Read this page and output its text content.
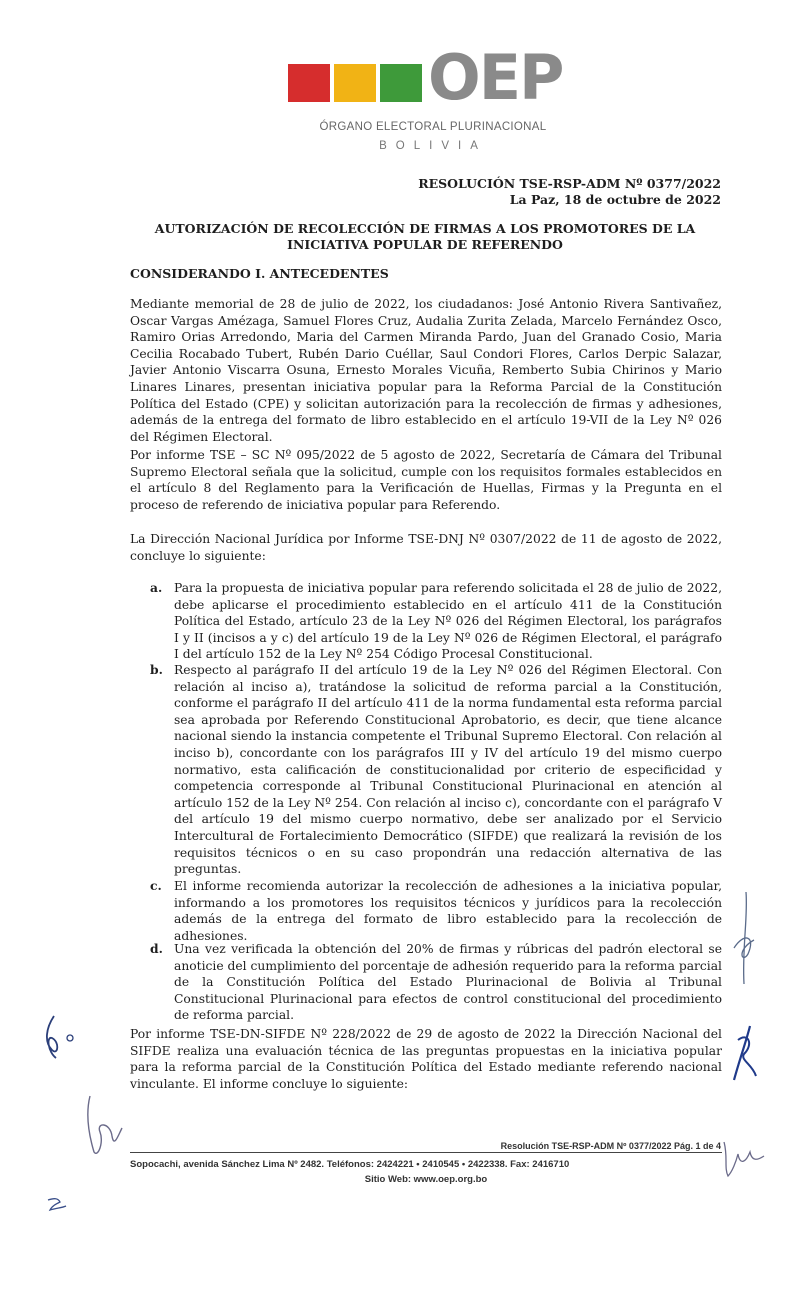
OEP
ÓRGANO ELECTORAL PLURINACIONAL
BOLIVIA
RESOLUCIÓN TSE-RSP-ADM Nº 0377/2022
La Paz, 18 de octubre de 2022
AUTORIZACIÓN DE RECOLECCIÓN DE FIRMAS A LOS PROMOTORES DE LA INICIATIVA POPULAR DE REFERENDO
CONSIDERANDO I. ANTECEDENTES
Mediante memorial de 28 de julio de 2022, los ciudadanos: José Antonio Rivera Santivañez, Oscar Vargas Amézaga, Samuel Flores Cruz, Audalia Zurita Zelada, Marcelo Fernández Osco, Ramiro Orias Arredondo, Maria del Carmen Miranda Pardo, Juan del Granado Cosio, Maria Cecilia Rocabado Tubert, Rubén Dario Cuéllar, Saul Condori Flores, Carlos Derpic Salazar, Javier Antonio Viscarra Osuna, Ernesto Morales Vicuña, Remberto Subia Chirinos y Mario Linares Linares, presentan iniciativa popular para la Reforma Parcial de la Constitución Política del Estado (CPE) y solicitan autorización para la recolección de firmas y adhesiones, además de la entrega del formato de libro establecido en el artículo 19-VII de la Ley Nº 026 del Régimen Electoral.
Por informe TSE – SC Nº 095/2022 de 5 agosto de 2022, Secretaría de Cámara del Tribunal Supremo Electoral señala que la solicitud, cumple con los requisitos formales establecidos en el artículo 8 del Reglamento para la Verificación de Huellas, Firmas y la Pregunta en el proceso de referendo de iniciativa popular para Referendo.
La Dirección Nacional Jurídica por Informe TSE-DNJ Nº 0307/2022 de 11 de agosto de 2022, concluye lo siguiente:
a. Para la propuesta de iniciativa popular para referendo solicitada el 28 de julio de 2022, debe aplicarse el procedimiento establecido en el artículo 411 de la Constitución Política del Estado, artículo 23 de la Ley Nº 026 del Régimen Electoral, los parágrafos I y II (incisos a y c) del artículo 19 de la Ley Nº 026 de Régimen Electoral, el parágrafo I del artículo 152 de la Ley Nº 254 Código Procesal Constitucional.
b. Respecto al parágrafo II del artículo 19 de la Ley Nº 026 del Régimen Electoral. Con relación al inciso a), tratándose la solicitud de reforma parcial a la Constitución, conforme el parágrafo II del artículo 411 de la norma fundamental esta reforma parcial sea aprobada por Referendo Constitucional Aprobatorio, es decir, que tiene alcance nacional siendo la instancia competente el Tribunal Supremo Electoral. Con relación al inciso b), concordante con los parágrafos III y IV del artículo 19 del mismo cuerpo normativo, esta calificación de constitucionalidad por criterio de especificidad y competencia corresponde al Tribunal Constitucional Plurinacional en atención al artículo 152 de la Ley Nº 254. Con relación al inciso c), concordante con el parágrafo V del artículo 19 del mismo cuerpo normativo, debe ser analizado por el Servicio Intercultural de Fortalecimiento Democrático (SIFDE) que realizará la revisión de los requisitos técnicos o en su caso propondrán una redacción alternativa de las preguntas.
c. El informe recomienda autorizar la recolección de adhesiones a la iniciativa popular, informando a los promotores los requisitos técnicos y jurídicos para la recolección además de la entrega del formato de libro establecido para la recolección de adhesiones.
d. Una vez verificada la obtención del 20% de firmas y rúbricas del padrón electoral se anoticie del cumplimiento del porcentaje de adhesión requerido para la reforma parcial de la Constitución Política del Estado Plurinacional de Bolivia al Tribunal Constitucional Plurinacional para efectos de control constitucional del procedimiento de reforma parcial.
Por informe TSE-DN-SIFDE Nº 228/2022 de 29 de agosto de 2022 la Dirección Nacional del SIFDE realiza una evaluación técnica de las preguntas propuestas en la iniciativa popular para la reforma parcial de la Constitución Política del Estado mediante referendo nacional vinculante. El informe concluye lo siguiente:
Resolución TSE-RSP-ADM Nº 0377/2022 Pág. 1 de 4
Sopocachi, avenida Sánchez Lima Nº 2482. Teléfonos: 2424221 • 2410545 • 2422338. Fax: 2416710
Sitio Web: www.oep.org.bo
